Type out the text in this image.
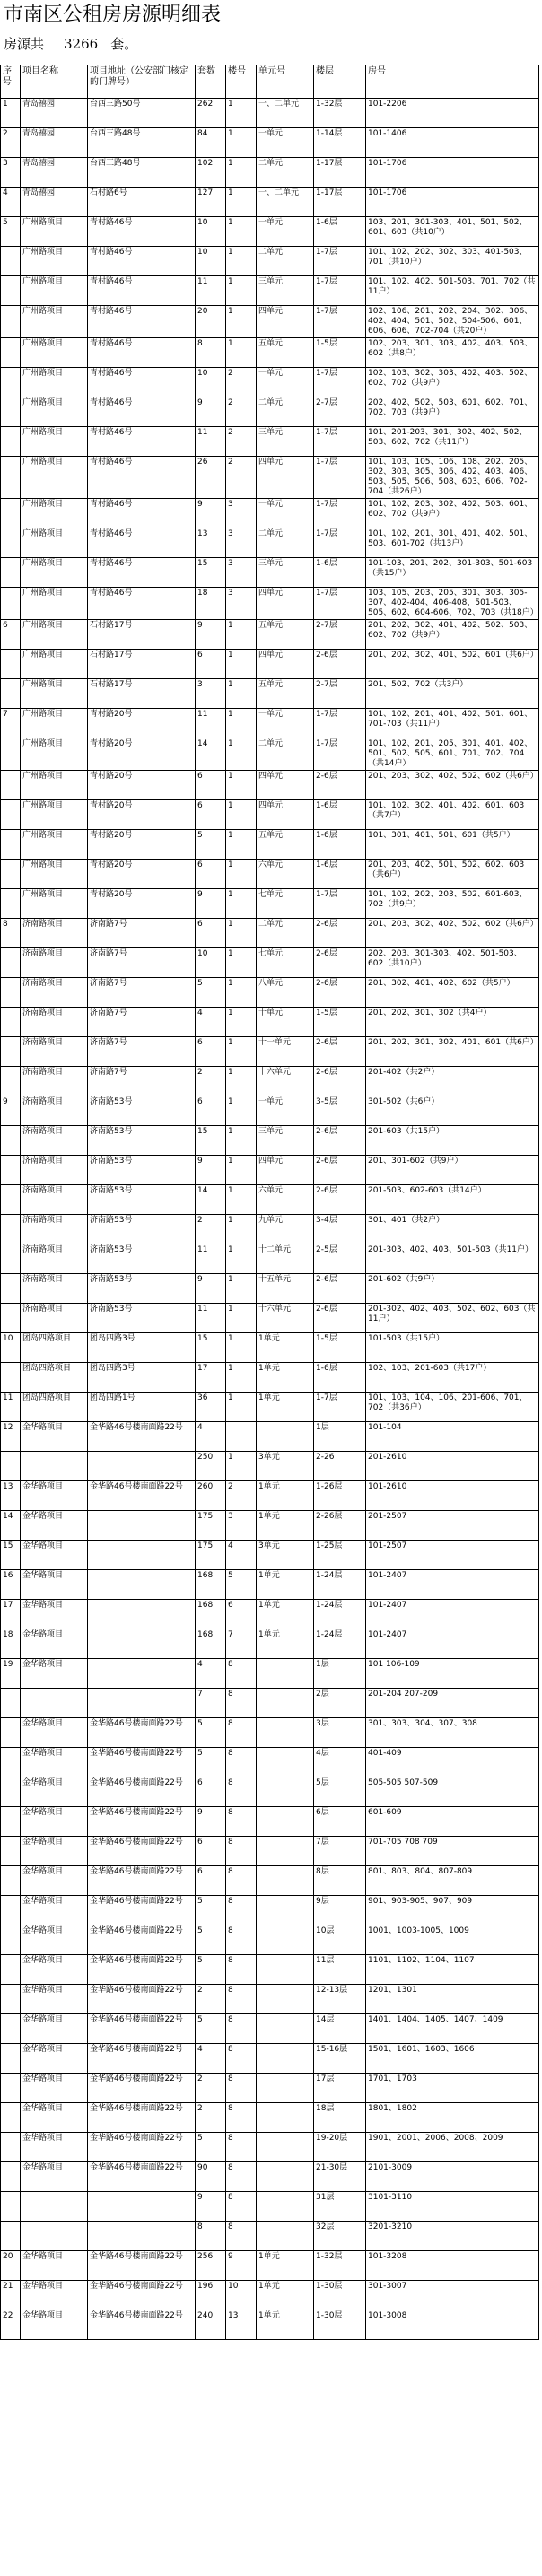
市南区公租房房源明细表
房源共 3266 套。
序号	项目名称	项目地址（公安部门核定的门牌号）	套数	楼号	单元号	楼层	房号
1	青岛禧园	台西三路50号	262	1	一、二单元	1-32层	101-2206
2	青岛禧园	台西三路48号	84	1	一单元	1-14层	101-1406
3	青岛禧园	台西三路48号	102	1	二单元	1-17层	101-1706
4	青岛禧园	石村路6号	127	1	一、二单元	1-17层	101-1706
5	广州路项目	青村路46号	10	1	一单元	1-6层	103、201、301-303、401、501、502、601、603（共10户）
	广州路项目	青村路46号	10	1	二单元	1-7层	101、102、202、302、303、401-503、701（共10户）
	广州路项目	青村路46号	11	1	三单元	1-7层	101、102、402、501-503、701、702（共11户）
	广州路项目	青村路46号	20	1	四单元	1-7层	102、106、201、202、204、302、306、402、404、501、502、504-506、601、606、606、702-704（共20户）
	广州路项目	青村路46号	8	1	五单元	1-5层	102、203、301、303、402、403、503、602（共8户）
	广州路项目	青村路46号	10	2	一单元	1-7层	102、103、302、303、402、403、502、602、702（共9户）
	广州路项目	青村路46号	9	2	二单元	2-7层	202、402、502、503、601、602、701、702、703（共9户）
	广州路项目	青村路46号	11	2	三单元	1-7层	101、201-203、301、302、402、502、503、602、702（共11户）
	广州路项目	青村路46号	26	2	四单元	1-7层	101、103、105、106、108、202、205、302、303、305、306、402、403、406、503、505、506、508、603、606、702-704（共26户）
	广州路项目	青村路46号	9	3	一单元	1-7层	101、102、203、302、402、503、601、602、702（共9户）
	广州路项目	青村路46号	13	3	二单元	1-7层	101、102、201、301、401、402、501、503、601-702（共13户）
	广州路项目	青村路46号	15	3	三单元	1-6层	101-103、201、202、301-303、501-603（共15户）
	广州路项目	青村路46号	18	3	四单元	1-7层	103、105、203、205、301、303、305-307、402-404、406-408、501-503、505、602、604-606、702、703（共18户）
6	广州路项目	石村路17号	9	1	五单元	2-7层	201、202、302、401、402、502、503、602、702（共9户）
	广州路项目	石村路17号	6	1	四单元	2-6层	201、202、302、401、502、601（共6户）
	广州路项目	石村路17号	3	1	五单元	2-7层	201、502、702（共3户）
7	广州路项目	青村路20号	11	1	一单元	1-7层	101、102、201、401、402、501、601、701-703（共11户）
	广州路项目	青村路20号	14	1	二单元	1-7层	101、102、201、205、301、401、402、501、502、505、601、701、702、704（共14户）
	广州路项目	青村路20号	6	1	四单元	2-6层	201、203、302、402、502、602（共6户）
	广州路项目	青村路20号	6	1	四单元	1-6层	101、102、302、401、402、601、603（共7户）
	广州路项目	青村路20号	5	1	五单元	1-6层	101、301、401、501、601（共5户）
	广州路项目	青村路20号	6	1	六单元	1-6层	201、203、402、501、502、602、603（共6户）
	广州路项目	青村路20号	9	1	七单元	1-7层	101、102、202、203、502、601-603、702（共9户）
8	济南路项目	济南路7号	6	1	二单元	2-6层	201、203、302、402、502、602（共6户）
	济南路项目	济南路7号	10	1	七单元	2-6层	202、203、301-303、402、501-503、602（共10户）
	济南路项目	济南路7号	5	1	八单元	2-6层	201、302、401、402、602（共5户）
	济南路项目	济南路7号	4	1	十单元	1-5层	201、202、301、302（共4户）
	济南路项目	济南路7号	6	1	十一单元	2-6层	201、202、301、302、401、601（共6户）
	济南路项目	济南路7号	2	1	十六单元	2-6层	201-402（共2户）
9	济南路项目	济南路53号	6	1	一单元	3-5层	301-502（共6户）
	济南路项目	济南路53号	15	1	三单元	2-6层	201-603（共15户）
	济南路项目	济南路53号	9	1	四单元	2-6层	201、301-602（共9户）
	济南路项目	济南路53号	14	1	六单元	2-6层	201-503、602-603（共14户）
	济南路项目	济南路53号	2	1	九单元	3-4层	301、401（共2户）
	济南路项目	济南路53号	11	1	十二单元	2-5层	201-303、402、403、501-503（共11户）
	济南路项目	济南路53号	9	1	十五单元	2-6层	201-602（共9户）
	济南路项目	济南路53号	11	1	十六单元	2-6层	201-302、402、403、502、602、603（共11户）
10	团岛四路项目	团岛四路3号	15	1	1单元	1-5层	101-503（共15户）
	团岛四路项目	团岛四路3号	17	1	1单元	1-6层	102、103、201-603（共17户）
11	团岛四路项目	团岛四路1号	36	1	1单元	1-7层	101、103、104、106、201-606、701、702（共36户）
12	金华路项目	金华路46号楼南面路22号	4			1层	101-104
			250	1	3单元	2-26	201-2610
13	金华路项目	金华路46号楼南面路22号	260	2	1单元	1-26层	101-2610
14	金华路项目		175	3	1单元	2-26层	201-2507
15	金华路项目		175	4	3单元	1-25层	101-2507
16	金华路项目		168	5	1单元	1-24层	101-2407
17	金华路项目		168	6	1单元	1-24层	101-2407
18	金华路项目		168	7	1单元	1-24层	101-2407
19	金华路项目		4	8		1层	101 106-109
			7	8		2层	201-204 207-209
	金华路项目	金华路46号楼南面路22号	5	8		3层	301、303、304、307、308
	金华路项目	金华路46号楼南面路22号	5	8		4层	401-409
	金华路项目	金华路46号楼南面路22号	6	8		5层	505-505 507-509
	金华路项目	金华路46号楼南面路22号	9	8		6层	601-609
	金华路项目	金华路46号楼南面路22号	6	8		7层	701-705 708 709
	金华路项目	金华路46号楼南面路22号	6	8		8层	801、803、804、807-809
	金华路项目	金华路46号楼南面路22号	5	8		9层	901、903-905、907、909
	金华路项目	金华路46号楼南面路22号	5	8		10层	1001、1003-1005、1009
	金华路项目	金华路46号楼南面路22号	5	8		11层	1101、1102、1104、1107
	金华路项目	金华路46号楼南面路22号	2	8		12-13层	1201、1301
	金华路项目	金华路46号楼南面路22号	5	8		14层	1401、1404、1405、1407、1409
	金华路项目	金华路46号楼南面路22号	4	8		15-16层	1501、1601、1603、1606
	金华路项目	金华路46号楼南面路22号	2	8		17层	1701、1703
	金华路项目	金华路46号楼南面路22号	2	8		18层	1801、1802
	金华路项目	金华路46号楼南面路22号	5	8		19-20层	1901、2001、2006、2008、2009
	金华路项目	金华路46号楼南面路22号	90	8		21-30层	2101-3009
			9	8		31层	3101-3110
			8	8		32层	3201-3210
20	金华路项目	金华路46号楼南面路22号	256	9	1单元	1-32层	101-3208
21	金华路项目	金华路46号楼南面路22号	196	10	1单元	1-30层	301-3007
22	金华路项目	金华路46号楼南面路22号	240	13	1单元	1-30层	101-3008
